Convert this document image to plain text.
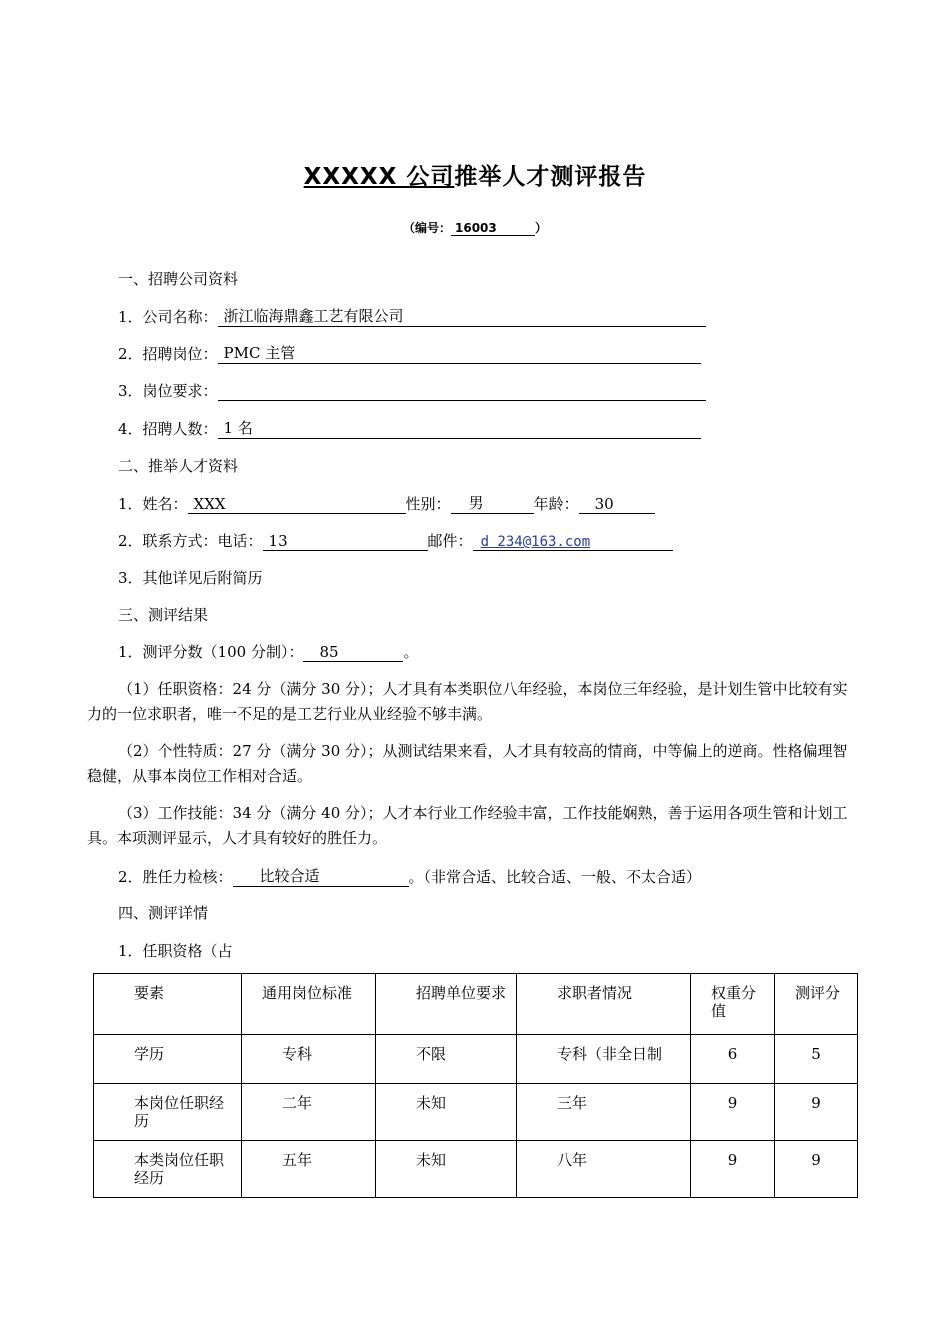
XXXXX 公司推举人才测评报告
（编号： 16003	）
一、招聘公司资料
1．公司名称： 浙江临海鼎鑫工艺有限公司
2．招聘岗位： PMC 主管
3．岗位要求：
4．招聘人数： 1 名
二、推举人才资料
1．姓名： XXX	性别： 男	年龄： 30
2．联系方式：电话： 13	邮件： d 234@163.com
3．其他详见后附简历
三、测评结果
1．测评分数（100 分制）： 85	。
（1）任职资格：24 分（满分 30 分）；人才具有本类职位八年经验，本岗位三年经验，是计划生管中比较有实力的一位求职者，唯一不足的是工艺行业从业经验不够丰满。
（2）个性特质：27 分（满分 30 分）；从测试结果来看，人才具有较高的情商，中等偏上的逆商。性格偏理智稳健，从事本岗位工作相对合适。
（3）工作技能：34 分（满分 40 分）；人才本行业工作经验丰富，工作技能娴熟，善于运用各项生管和计划工具。本项测评显示，人才具有较好的胜任力。
2．胜任力检核： 比较合适	。（非常合适、比较合适、一般、不太合适）
四、测评详情
1．任职资格（占
要素	通用岗位标准	招聘单位要求	求职者情况	权重分值	测评分
学历	专科	不限	专科（非全日制	6	5
本岗位任职经历	二年	未知	三年	9	9
本类岗位任职经历	五年	未知	八年	9	9
